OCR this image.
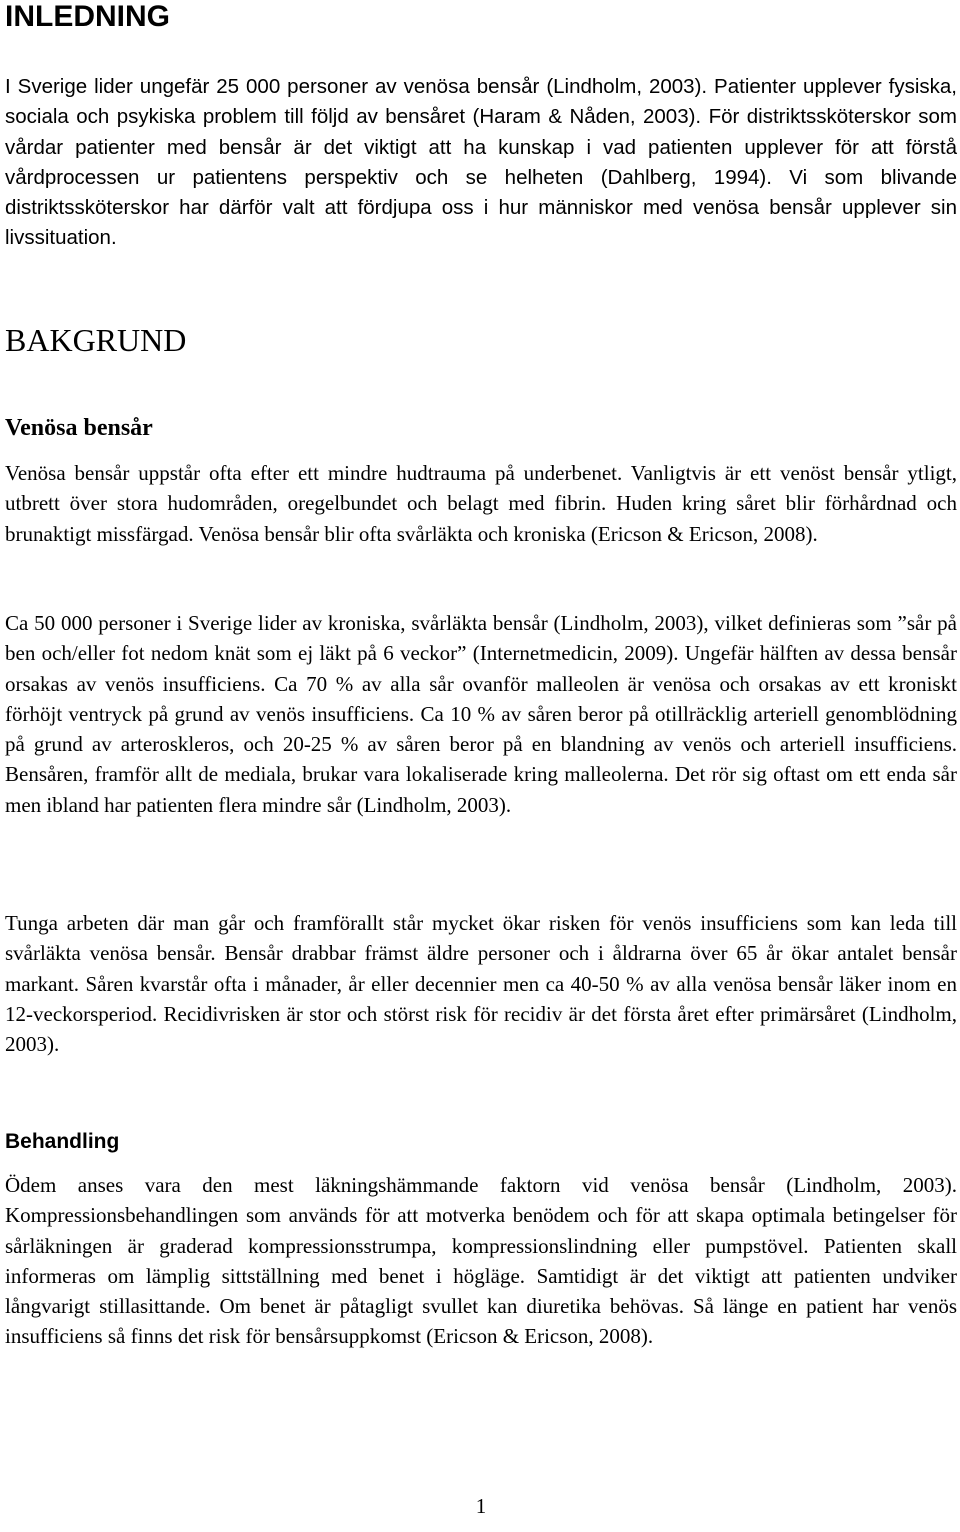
INLEDNING

I Sverige lider ungefär 25 000 personer av venösa bensår (Lindholm, 2003). Patienter upplever fysiska, sociala och psykiska problem till följd av bensåret (Haram & Nåden, 2003). För distriktssköterskor som vårdar patienter med bensår är det viktigt att ha kunskap i vad patienten upplever för att förstå vårdprocessen ur patientens perspektiv och se helheten (Dahlberg, 1994). Vi som blivande distriktssköterskor har därför valt att fördjupa oss i hur människor med venösa bensår upplever sin livssituation.

BAKGRUND
Venösa bensår

Venösa bensår uppstår ofta efter ett mindre hudtrauma på underbenet. Vanligtvis är ett venöst bensår ytligt, utbrett över stora hudområden, oregelbundet och belagt med fibrin. Huden kring såret blir förhårdnad och brunaktigt missfärgad. Venösa bensår blir ofta svårläkta och kroniska (Ericson & Ericson, 2008).

Ca 50 000 personer i Sverige lider av kroniska, svårläkta bensår (Lindholm, 2003), vilket definieras som ”sår på ben och/eller fot nedom knät som ej läkt på 6 veckor” (Internetmedicin, 2009). Ungefär hälften av dessa bensår orsakas av venös insufficiens. Ca 70 % av alla sår ovanför malleolen är venösa och orsakas av ett kroniskt förhöjt ventryck på grund av venös insufficiens. Ca 10 % av såren beror på otillräcklig arteriell genomblödning på grund av arteroskleros, och 20-25 % av såren beror på en blandning av venös och arteriell insufficiens. Bensåren, framför allt de mediala, brukar vara lokaliserade kring malleolerna. Det rör sig oftast om ett enda sår men ibland har patienten flera mindre sår (Lindholm, 2003).

Tunga arbeten där man går och framförallt står mycket ökar risken för venös insufficiens som kan leda till svårläkta venösa bensår. Bensår drabbar främst äldre personer och i åldrarna över 65 år ökar antalet bensår markant. Såren kvarstår ofta i månader, år eller decennier men ca 40-50 % av alla venösa bensår läker inom en 12-veckorsperiod. Recidivrisken är stor och störst risk för recidiv är det första året efter primärsåret (Lindholm, 2003).

Behandling

Ödem anses vara den mest läkningshämmande faktorn vid venösa bensår (Lindholm, 2003). Kompressionsbehandlingen som används för att motverka benödem och för att skapa optimala betingelser för sårläkningen är graderad kompressionsstrumpa, kompressionslindning eller pumpstövel. Patienten skall informeras om lämplig sittställning med benet i högläge. Samtidigt är det viktigt att patienten undviker långvarigt stillasittande. Om benet är påtagligt svullet kan diuretika behövas. Så länge en patient har venös insufficiens så finns det risk för bensårsuppkomst (Ericson & Ericson, 2008).

1
